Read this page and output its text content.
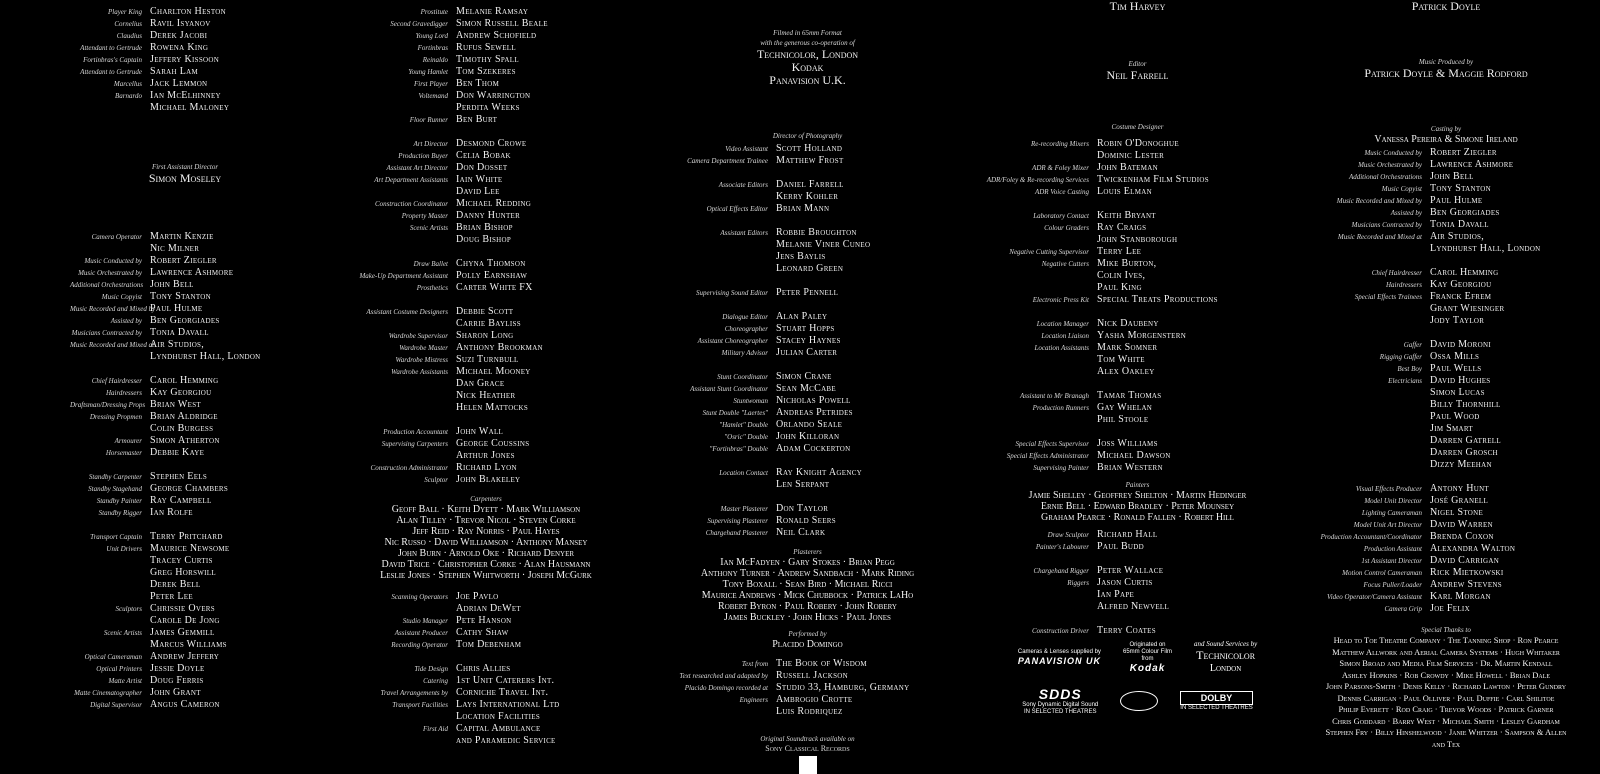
Player King Charlton Heston
Cornelius Ravil Isyanov
Claudius Derek Jacobi
Attendant to Gertrude Rowena King
Fortinbras's Captain Jeffery Kissoon
Attendant to Gertrude Sarah Lam
Marcellus Jack Lemmon
Barnardo Ian McElhinney
Michael Maloney
First Assistant Director
Simon Moseley
Camera Operator Martin Kenzie
Nic Milner
Music Conducted by Robert Ziegler
Music Orchestrated by Lawrence Ashmore
Additional Orchestrations John Bell
Music Copyist Tony Stanton
Music Recorded and Mixed by
Paul Hulme
Assisted by Ben Georgiades
Musicians Contracted by Tonia Davall
Music Recorded and Mixed at
Air Studios,
Lyndhurst Hall, London
Chief Hairdresser Carol Hemming
Hairdressers Kay Georgiou
Draftsman/Dressing Props Brian West
Dressing Propmen Brian Aldridge
Colin Burgess
Armourer Simon Atherton
Horsemaster Debbie Kaye
Standby Carpenter Stephen Eels
Standby Stagehand George Chambers
Standby Painter Ray Campbell
Standby Rigger Ian Rolfe
Transport Captain Terry Pritchard
Unit Drivers Maurice Newsome
Tracey Curtis
Greg Horswill
Derek Bell
Peter Lee
Sculptors Chrissie Overs
Carole De Jong
Scenic Artists James Gemmill
Marcus Williams
Optical Cameraman Andrew Jeffery
Optical Printers Jessie Doyle
Matte Artist Doug Ferris
Matte Cinematographer John Grant
Digital Supervisor Angus Cameron
Prostitute Melanie Ramsay
Second Gravedigger Simon Russell Beale
Young Lord Andrew Schofield
Fortinbras Rufus Sewell
Reinaldo Timothy Spall
Young Hamlet Tom Szekeres
First Player Ben Thom
Voltemand Don Warrington
Perdita Weeks
Floor Runner Ben Burt
Art Director Desmond Crowe
Production Buyer Celia Bobak
Assistant Art Director Don Dosset
Art Department Assistants Iain White
David Lee
Construction Coordinator Michael Redding
Property Master Danny Hunter
Scenic Artists Brian Bishop
Doug Bishop
Draw Ballet Chyna Thomson
Make-Up Department Assistant Polly Earnshaw
Prosthetics Carter White FX
Assistant Costume Designers Debbie Scott
Carrie Bayliss
Wardrobe Supervisor Sharon Long
Wardrobe Master Anthony Brookman
Wardrobe Mistress Suzi Turnbull
Wardrobe Assistants Michael Mooney
Dan Grace
Nick Heather
Helen Mattocks
Production Accountant John Wall
Supervising Carpenters George Coussins
Arthur Jones
Construction Administrator Richard Lyon
Sculptor John Blakeley
Carpenters
Geoff Ball · Keith Dyett · Mark Williamson
Alan Tilley · Trevor Nicol · Steven Corke
Jeff Reid · Ray Norris · Paul Hayes
Nic Russo · David Williamson · Anthony Mansey
John Burn · Arnold Oke · Richard Denyer
David Trice · Christopher Corke · Alan Hausmann
Leslie Jones · Stephen Whitworth · Joseph McGurk
Scanning Operators Joe Pavlo
Adrian DeWet
Studio Manager Pete Hanson
Assistant Producer Cathy Shaw
Recording Operator Tom Debenham
Tide Design Chris Allies
Catering 1st Unit Caterers Int.
Travel Arrangements by Corniche Travel Int.
Transport Facilities Lays International Ltd
Location Facilities
First Aid Capital Ambulance
and Paramedic Service
Filmed in 65mm Format
with the generous co-operation of
Technicolor, London
Kodak
Panavision U.K.
Director of Photography
Video Assistant Scott Holland
Camera Department Trainee Matthew Frost
Associate Editors Daniel Farrell
Kerry Kohler
Optical Effects Editor Brian Mann
Assistant Editors Robbie Broughton
Melanie Viner Cuneo
Jens Baylis
Leonard Green
Supervising Sound Editor Peter Pennell
Dialogue Editor Alan Paley
Choreographer Stuart Hopps
Assistant Choreographer Stacey Haynes
Military Advisor Julian Carter
Stunt Coordinator Simon Crane
Assistant Stunt Coordinator Sean McCabe
Stuntwoman Nicholas Powell
Stunt Double "Laertes" Andreas Petrides
"Hamlet" Double Orlando Seale
"Osric" Double John Killoran
"Fortinbras" Double Adam Cockerton
Location Contact Ray Knight Agency
Len Serpant
Master Plasterer Don Taylor
Supervising Plasterer Ronald Seers
Chargehand Plasterer Neil Clark
Plasterers
Ian McFadyen · Gary Stokes · Brian Pegg
Anthony Turner · Andrew Sandbach · Mark Riding
Tony Boxall · Sean Bird · Michael Ricci
Maurice Andrews · Mick Chubbock · Patrick LaHo
Robert Byron · Paul Robery · John Robery
James Buckley · John Hicks · Paul Jones
Performed by
Placido Domingo
Text from The Book of Wisdom
Text researched and adapted by Russell Jackson
Placido Domingo recorded at Studio 33, Hamburg, Germany
Engineers Ambrogio Crotte
Luis Rodriquez
Original Soundtrack available on
Sony Classical Records
Tim Harvey
Editor
Neil Farrell
Costume Designer
Re-recording Mixers Robin O'Donoghue
Dominic Lester
ADR & Foley Mixer John Bateman
ADR/Foley & Re-recording Services Twickenham Film Studios
ADR Voice Casting Louis Elman
Laboratory Contact Keith Bryant
Colour Graders Ray Craigs
John Stanborough
Negative Cutting Supervisor Terry Lee
Negative Cutters Mike Burton,
Colin Ives,
Paul King
Electronic Press Kit Special Treats Productions
Location Manager Nick Daubeny
Location Liaison Yasha Morgenstern
Location Assistants Mark Somner
Tom White
Alex Oakley
Assistant to Mr Branagh Tamar Thomas
Production Runners Gay Whelan
Phil Stoole
Special Effects Supervisor Joss Williams
Special Effects Administrator Michael Dawson
Supervising Painter Brian Western
Painters
Jamie Shelley · Geoffrey Shelton · Martin Hedinger
Ernie Bell · Edward Bradley · Peter Mounsey
Graham Pearce · Ronald Fallen · Robert Hill
Draw Sculptor Richard Hall
Painter's Labourer Paul Budd
Chargehand Rigger Peter Wallace
Riggers Jason Curtis
Ian Pape
Alfred Newvell
Construction Driver Terry Coates
Cameras & Lenses supplied by
PANAVISION UK
Originated on
65mm Colour Film
from
Kodak
and Sound Services by
Technicolor
London
SDDS
Sony Dynamic Digital Sound
IN SELECTED THEATRES
DOLBY
IN SELECTED THEATRES
Patrick Doyle
Music Produced by
Patrick Doyle & Maggie Rodford
Casting by
Vanessa Pereira & Simone Ireland
Music Conducted by Robert Ziegler
Music Orchestrated by Lawrence Ashmore
Additional Orchestrations John Bell
Music Copyist Tony Stanton
Music Recorded and Mixed by Paul Hulme
Assisted by Ben Georgiades
Musicians Contracted by Tonia Davall
Music Recorded and Mixed at Air Studios,
Lyndhurst Hall, London
Chief Hairdresser Carol Hemming
Hairdressers Kay Georgiou
Special Effects Trainees Franck Efrem
Grant Wiesinger
Jody Taylor
Gaffer David Moroni
Rigging Gaffer Ossa Mills
Best Boy Paul Wells
Electricians David Hughes
Simon Lucas
Billy Thornhill
Paul Wood
Jim Smart
Darren Gatrell
Darren Grosch
Dizzy Meehan
Visual Effects Producer Antony Hunt
Model Unit Director José Granell
Lighting Cameraman Nigel Stone
Model Unit Art Director David Warren
Production Accountant/Coordinator Brenda Coxon
Production Assistant Alexandra Walton
1st Assistant Director David Carrigan
Motion Control Cameraman Rick Mietkowski
Focus Puller/Loader Andrew Stevens
Video Operator/Camera Assistant Karl Morgan
Camera Grip Joe Felix
Special Thanks to
Head to Toe Theatre Company · The Tanning Shop · Ron Pearce
Matthew Allwork and Aerial Camera Systems · Hugh Whitaker
Simon Broad and Media Film Services · Dr. Martin Kendall
Ashley Hopkins · Rob Crowdy · Mike Howell · Brian Dale
John Parsons-Smith · Denis Kelly · Richard Lawton · Peter Gundry
Dennis Carrigan · Paul Olliver · Paul Duffie · Carl Shilitoe
Philip Everett · Rod Craig · Trevor Woods · Patrick Garner
Chris Goddard · Barry West · Michael Smith · Lesley Gardham
Stephen Fry · Billy Hinshelwood · Janie Whitzer · Sampson & Allen
and Tex
